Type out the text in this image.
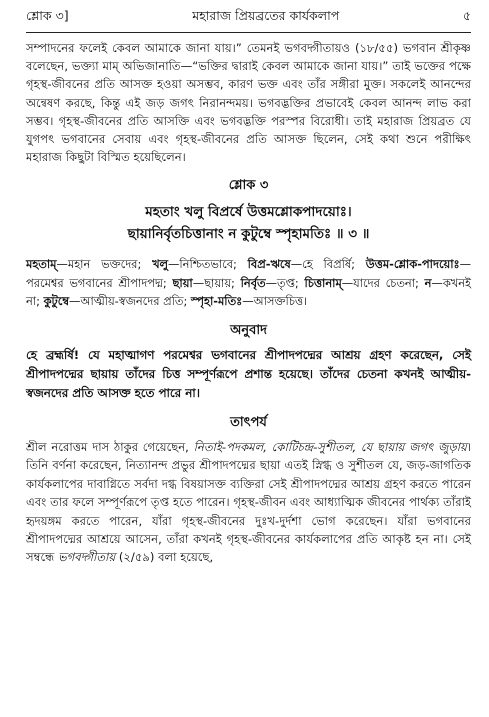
শ্লোক ৩]	মহারাজ প্রিয়ব্রতের কার্যকলাপ	৫

সম্পাদনের ফলেই কেবল আমাকে জানা যায়।” তেমনই ভগবদ্গীতায়ও (১৮/৫৫) ভগবান শ্রীকৃষ্ণ বলেছেন, ভক্ত্যা মাম্ অভিজানাতি—“ভক্তির দ্বারাই কেবল আমাকে জানা যায়।” তাই ভক্তের পক্ষে গৃহস্থ-জীবনের প্রতি আসক্ত হওয়া অসম্ভব, কারণ ভক্ত এবং তাঁর সঙ্গীরা মুক্ত। সকলেই আনন্দের অন্বেষণ করছে, কিন্তু এই জড় জগৎ নিরানন্দময়। ভগবদ্ভক্তির প্রভাবেই কেবল আনন্দ লাভ করা সম্ভব। গৃহস্থ-জীবনের প্রতি আসক্তি এবং ভগবদ্ভক্তি পরস্পর বিরোধী। তাই মহারাজ প্রিয়ব্রত যে যুগপৎ ভগবানের সেবায় এবং গৃহস্থ-জীবনের প্রতি আসক্ত ছিলেন, সেই কথা শুনে পরীক্ষিৎ মহারাজ কিছুটা বিস্মিত হয়েছিলেন।

শ্লোক ৩

মহতাং খলু বিপ্রর্ষে উত্তমশ্লোকপাদয়োঃ।

ছায়ানির্বৃতচিত্তানাং ন কুটুম্বে স্পৃহামতিঃ ॥ ৩ ॥

মহতাম্—মহান ভক্তদের; খলু—নিশ্চিতভাবে; বিপ্র-ঋষে—হে বিপ্রর্ষি; উত্তম-শ্লোক-পাদয়োঃ—পরমেশ্বর ভগবানের শ্রীপাদপদ্ম; ছায়া—ছায়ায়; নির্বৃত—তৃপ্ত; চিত্তানাম্—যাদের চেতনা; ন—কখনই না; কুটুম্বে—আত্মীয়-স্বজনদের প্রতি; স্পৃহা-মতিঃ—আসক্তচিত্ত।

অনুবাদ

হে ব্রহ্মর্ষি! যে মহাত্মাগণ পরমেশ্বর ভগবানের শ্রীপাদপদ্মের আশ্রয় গ্রহণ করেছেন, সেই শ্রীপাদপদ্মের ছায়ায় তাঁদের চিত্ত সম্পূর্ণরূপে প্রশান্ত হয়েছে। তাঁদের চেতনা কখনই আত্মীয়-স্বজনদের প্রতি আসক্ত হতে পারে না।

তাৎপর্য

শ্রীল নরোত্তম দাস ঠাকুর গেয়েছেন, নিতাই-পদকমল, কোটিচন্দ্র-সুশীতল, যে ছায়ায় জগৎ জুড়ায়। তিনি বর্ণনা করেছেন, নিত্যানন্দ প্রভুর শ্রীপাদপদ্মের ছায়া এতই স্নিগ্ধ ও সুশীতল যে, জড়-জাগতিক কার্যকলাপের দাবাগ্নিতে সর্বদা দগ্ধ বিষয়াসক্ত ব্যক্তিরা সেই শ্রীপাদপদ্মের আশ্রয় গ্রহণ করতে পারেন এবং তার ফলে সম্পূর্ণরূপে তৃপ্ত হতে পারেন। গৃহস্থ-জীবন এবং আধ্যাত্মিক জীবনের পার্থক্য তাঁরাই হৃদয়ঙ্গম করতে পারেন, যাঁরা গৃহস্থ-জীবনের দুঃখ-দুর্দশা ভোগ করেছেন। যাঁরা ভগবানের শ্রীপাদপদ্মের আশ্রয়ে আসেন, তাঁরা কখনই গৃহস্থ-জীবনের কার্যকলাপের প্রতি আকৃষ্ট হন না। সেই সম্বন্ধে ভগবদ্গীতায় (২/৫৯) বলা হয়েছে,
